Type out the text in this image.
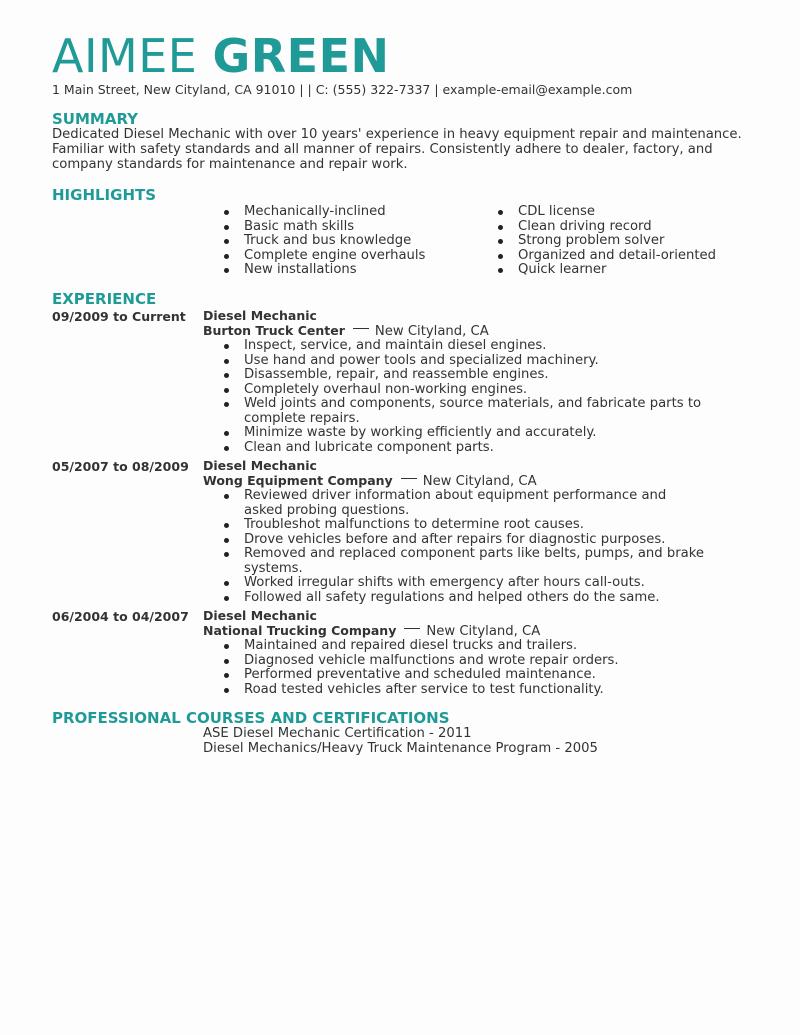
AIMEE GREEN
1 Main Street, New Cityland, CA 91010 | | C: (555) 322-7337 | example-email@example.com
SUMMARY
Dedicated Diesel Mechanic with over 10 years' experience in heavy equipment repair and maintenance. Familiar with safety standards and all manner of repairs. Consistently adhere to dealer, factory, and company standards for maintenance and repair work.
HIGHLIGHTS
Mechanically-inclined
Basic math skills
Truck and bus knowledge
Complete engine overhauls
New installations
CDL license
Clean driving record
Strong problem solver
Organized and detail-oriented
Quick learner
EXPERIENCE
09/2009 to Current Diesel Mechanic
Burton Truck Center New Cityland, CA
Inspect, service, and maintain diesel engines.
Use hand and power tools and specialized machinery.
Disassemble, repair, and reassemble engines.
Completely overhaul non-working engines.
Weld joints and components, source materials, and fabricate parts to complete repairs.
Minimize waste by working efficiently and accurately.
Clean and lubricate component parts.
05/2007 to 08/2009 Diesel Mechanic
Wong Equipment Company New Cityland, CA
Reviewed driver information about equipment performance and asked probing questions.
Troubleshot malfunctions to determine root causes.
Drove vehicles before and after repairs for diagnostic purposes.
Removed and replaced component parts like belts, pumps, and brake systems.
Worked irregular shifts with emergency after hours call-outs.
Followed all safety regulations and helped others do the same.
06/2004 to 04/2007 Diesel Mechanic
National Trucking Company New Cityland, CA
Maintained and repaired diesel trucks and trailers.
Diagnosed vehicle malfunctions and wrote repair orders.
Performed preventative and scheduled maintenance.
Road tested vehicles after service to test functionality.
PROFESSIONAL COURSES AND CERTIFICATIONS
ASE Diesel Mechanic Certification - 2011
Diesel Mechanics/Heavy Truck Maintenance Program - 2005
